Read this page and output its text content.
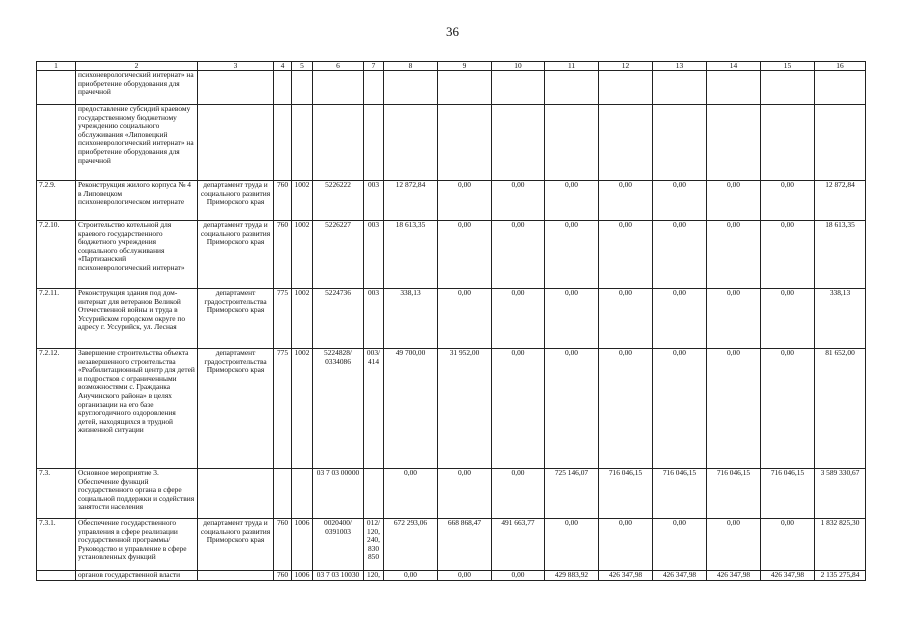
36
1	2	3	4	5	6	7	8	9	10	11	12	13	14	15	16
	психоневрологический интернат» на приобретение оборудования для прачечной														
	предоставление субсидий краевому государственному бюджетному учреждению социального обслуживания «Липовецкий психоневрологический интернат» на приобретение оборудования для прачечной														
7.2.9.	Реконструкция жилого корпуса № 4 в Липовецком психоневрологическом интернате	департамент труда и социального развития Приморского края	760	1002	5226222	003	12 872,84	0,00	0,00	0,00	0,00	0,00	0,00	0,00	12 872,84
7.2.10.	Строительство котельной для краевого государственного бюджетного учреждения социального обслуживания «Партизанский психоневрологический интернат»	департамент труда и социального развития Приморского края	760	1002	5226227	003	18 613,35	0,00	0,00	0,00	0,00	0,00	0,00	0,00	18 613,35
7.2.11.	Реконструкция здания под дом-интернат для ветеранов Великой Отечественной войны и труда в Уссурийском городском округе по адресу г. Уссурийск, ул. Лесная	департамент градостроительства Приморского края	775	1002	5224736	003	338,13	0,00	0,00	0,00	0,00	0,00	0,00	0,00	338,13
7.2.12.	Завершение строительства объекта незавершенного строительства «Реабилитационный центр для детей и подростков с ограниченными возможностями с. Гражданка Анучинского района» в целях организации на его базе круглогодичного оздоровления детей, находящихся в трудной жизненной ситуации	департамент градостроительства Приморского края	775	1002	5224828/ 0334086	003/ 414	49 700,00	31 952,00	0,00	0,00	0,00	0,00	0,00	0,00	81 652,00
7.3.	Основное мероприятие 3. Обеспечение функций государственного органа в сфере социальной поддержки и содействия занятости населения				03 7 03 00000		0,00	0,00	0,00	725 146,07	716 046,15	716 046,15	716 046,15	716 046,15	3 589 330,67
7.3.1.	Обеспечение государственного управления в сфере реализации государственной программы/ Руководство и управление в сфере установленных функций	департамент труда и социального развития Приморского края	760	1006	0020400/ 0391003	012/ 120, 240, 830 850	672 293,06	668 868,47	491 663,77	0,00	0,00	0,00	0,00	0,00	1 832 825,30
	органов государственной власти		760	1006	03 7 03 10030	120,	0,00	0,00	0,00	429 883,92	426 347,98	426 347,98	426 347,98	426 347,98	2 135 275,84
